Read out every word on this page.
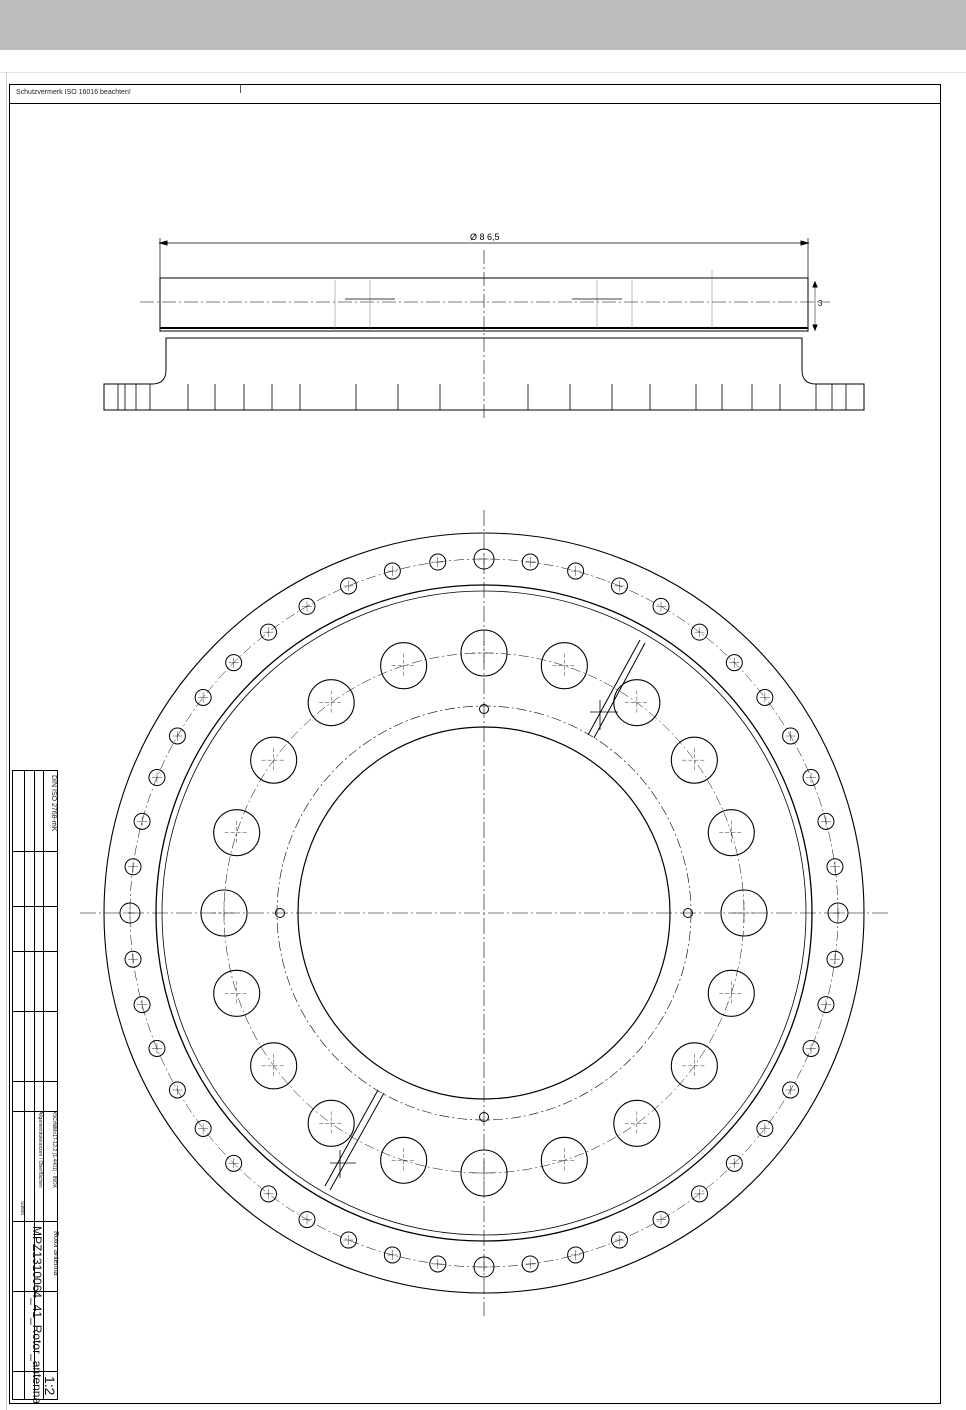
Schutzvermerk ISO 16016 beachten!
Ø 8 6,5
3
DIN ISO 2768-mK
X5CrNiMo17-12-2 (1.4401) - INOX
Allgemeintoleranzen / Oberflächen
Rotor antenna
MPZ1310064_41_Rotor_antenna
1:2
Siebel
